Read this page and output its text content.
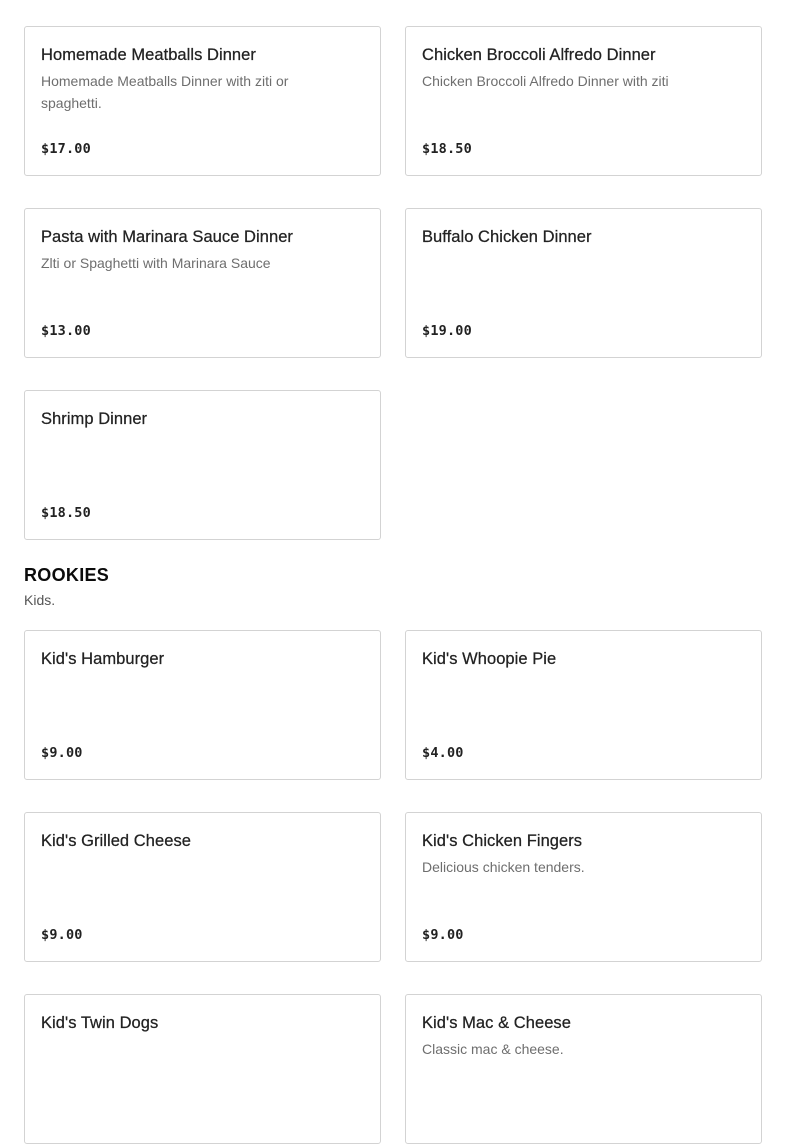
Homemade Meatballs Dinner
Homemade Meatballs Dinner with ziti or spaghetti.
$17.00
Chicken Broccoli Alfredo Dinner
Chicken Broccoli Alfredo Dinner with ziti
$18.50
Pasta with Marinara Sauce Dinner
Zlti or Spaghetti with Marinara Sauce
$13.00
Buffalo Chicken Dinner
$19.00
Shrimp Dinner
$18.50
ROOKIES
Kids.
Kid's Hamburger
$9.00
Kid's Whoopie Pie
$4.00
Kid's Grilled Cheese
$9.00
Kid's Chicken Fingers
Delicious chicken tenders.
$9.00
Kid's Twin Dogs	Kid's Mac & Cheese
Classic mac & cheese.
